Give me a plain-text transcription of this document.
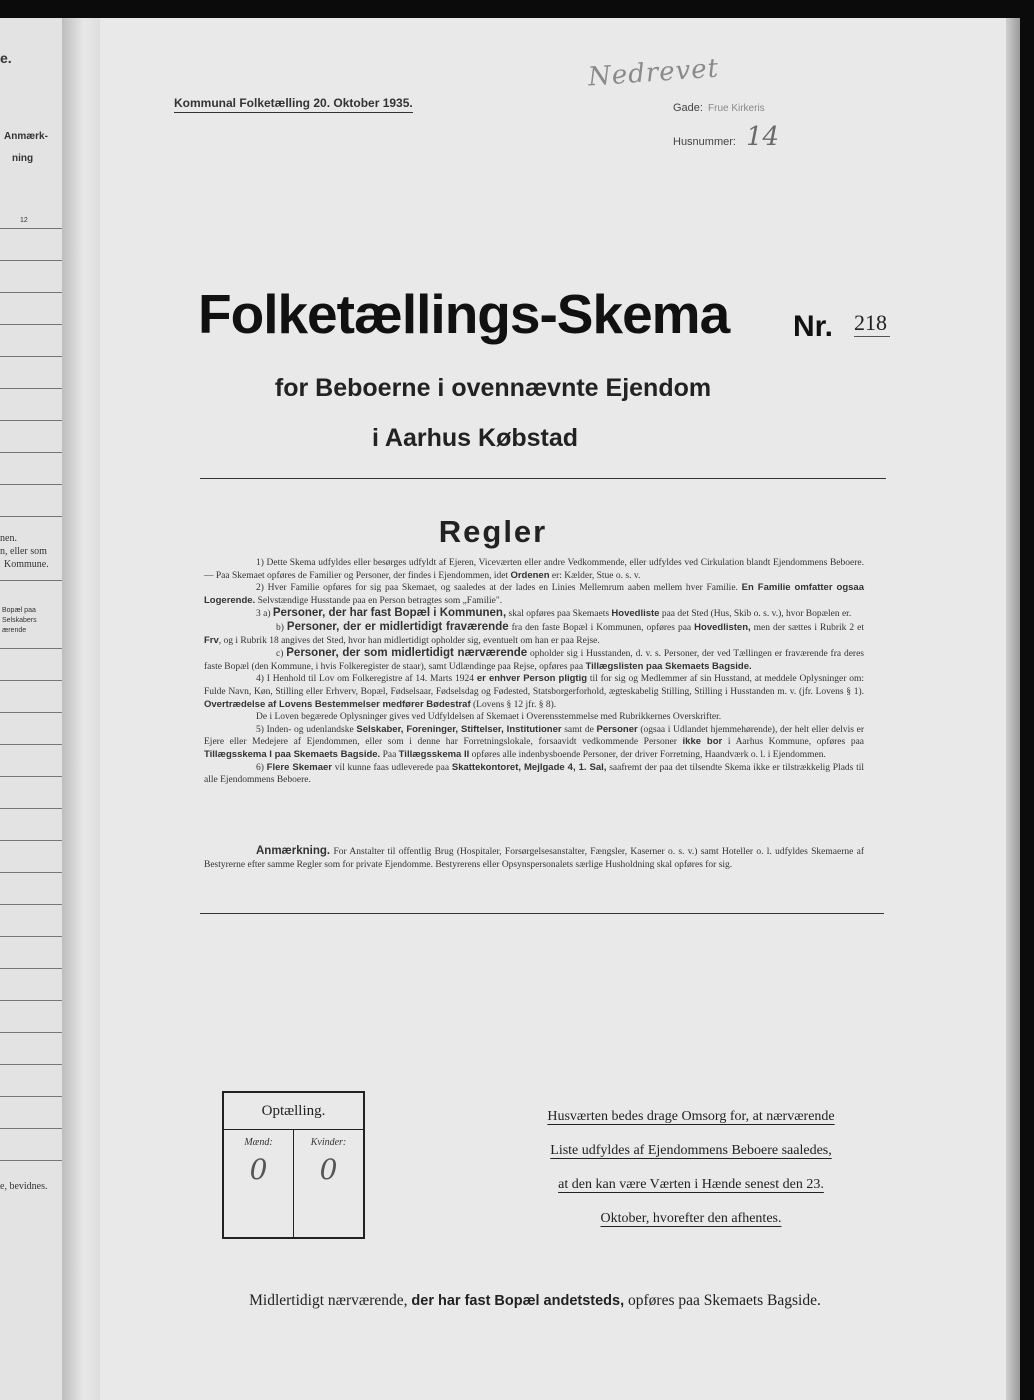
e.
Anmærk-
ning
12
nen.
n, eller som
Kommune.
Bopæl paa
Selskabers
ærende
e, bevidnes.
Kommunal Folketælling 20. Oktober 1935.
Nedrevet
Gade: Frue Kirkeris
Husnummer: 14
Folketællings-Skema Nr. 218
for Beboerne i ovennævnte Ejendom
i Aarhus Købstad
Regler

1) Dette Skema udfyldes eller besørges udfyldt af Ejeren, Viceværten eller andre Vedkommende, eller udfyldes ved Cirkulation blandt Ejendommens Beboere. — Paa Skemaet opføres de Familier og Personer, der findes i Ejendommen, idet Ordenen er: Kælder, Stue o. s. v.

2) Hver Familie opføres for sig paa Skemaet, og saaledes at der lades en Linies Mellemrum aaben mellem hver Familie. En Familie omfatter ogsaa Logerende. Selvstændige Husstande paa en Person betragtes som „Familie".

3 a) Personer, der har fast Bopæl i Kommunen, skal opføres paa Skemaets Hovedliste paa det Sted (Hus, Skib o. s. v.), hvor Bopælen er.

b) Personer, der er midlertidigt fraværende fra den faste Bopæl i Kommunen, opføres paa Hovedlisten, men der sættes i Rubrik 2 et Frv, og i Rubrik 18 angives det Sted, hvor han midlertidigt opholder sig, eventuelt om han er paa Rejse.

c) Personer, der som midlertidigt nærværende opholder sig i Husstanden, d. v. s. Personer, der ved Tællingen er fraværende fra deres faste Bopæl (den Kommune, i hvis Folkeregister de staar), samt Udlændinge paa Rejse, opføres paa Tillægslisten paa Skemaets Bagside.

4) I Henhold til Lov om Folkeregistre af 14. Marts 1924 er enhver Person pligtig til for sig og Medlemmer af sin Husstand, at meddele Oplysninger om: Fulde Navn, Køn, Stilling eller Erhverv, Bopæl, Fødselsaar, Fødselsdag og Fødested, Statsborgerforhold, ægteskabelig Stilling, Stilling i Husstanden m. v. (jfr. Lovens § 1). Overtrædelse af Lovens Bestemmelser medfører Bødestraf (Lovens § 12 jfr. § 8).

De i Loven begærede Oplysninger gives ved Udfyldelsen af Skemaet i Overensstemmelse med Rubrikkernes Overskrifter.

5) Inden- og udenlandske Selskaber, Foreninger, Stiftelser, Institutioner samt de Personer (ogsaa i Udlandet hjemmehørende), der helt eller delvis er Ejere eller Medejere af Ejendommen, eller som i denne har Forretningslokale, forsaavidt vedkommende Personer ikke bor i Aarhus Kommune, opføres paa Tillægsskema I paa Skemaets Bagside. Paa Tillægsskema II opføres alle indenbysboende Personer, der driver Forretning, Haandværk o. l. i Ejendommen.

6) Flere Skemaer vil kunne faas udleverede paa Skattekontoret, Mejlgade 4, 1. Sal, saafremt der paa det tilsendte Skema ikke er tilstrækkelig Plads til alle Ejendommens Beboere.

Anmærkning. For Anstalter til offentlig Brug (Hospitaler, Forsørgelsesanstalter, Fængsler, Kaserner o. s. v.) samt Hoteller o. l. udfyldes Skemaerne af Bestyrerne efter samme Regler som for private Ejendomme. Bestyrerens eller Opsynspersonalets særlige Husholdning skal opføres for sig.

Optælling.
Mænd:	Kvinder:
0	0
Husværten bedes drage Omsorg for, at nærværende
Liste udfyldes af Ejendommens Beboere saaledes,
at den kan være Værten i Hænde senest den 23.
Oktober, hvorefter den afhentes.
Midlertidigt nærværende, der har fast Bopæl andetsteds, opføres paa Skemaets Bagside.
